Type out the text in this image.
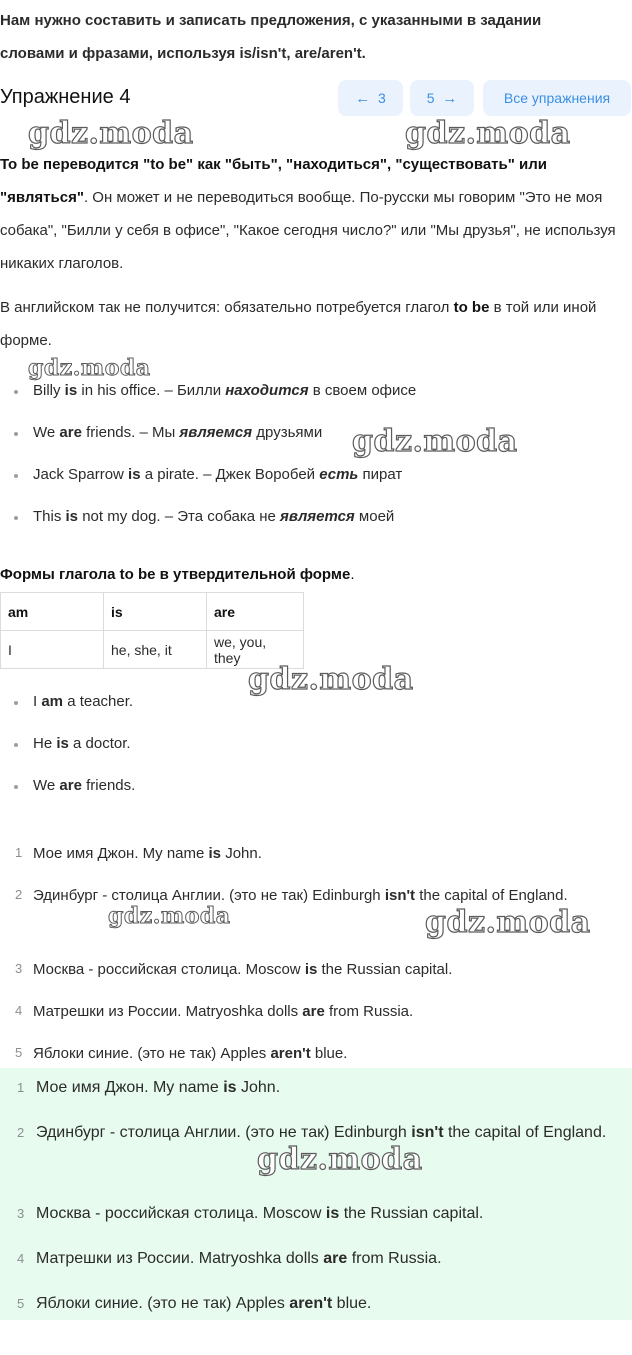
Нам нужно составить и записать предложения, с указанными в задании
словами и фразами, используя is/isn't, are/aren't.
Упражнение 4	← 3	5 →	Все упражнения
To be переводится "to be" как "быть", "находиться", "существовать" или "являться". Он может и не переводиться вообще. По-русски мы говорим "Это не моя собака", "Билли у себя в офисе", "Какое сегодня число?" или "Мы друзья", не используя никаких глаголов.
В английском так не получится: обязательно потребуется глагол to be в той или иной форме.
Billy is in his office. – Билли находится в своем офисе
We are friends. – Мы являемся друзьями
Jack Sparrow is a pirate. – Джек Воробей есть пират
This is not my dog. – Эта собака не является моей
Формы глагола to be в утвердительной форме.
am	is	are
I	he, she, it	we, you, they
I am a teacher.
He is a doctor.
We are friends.
1 Мое имя Джон. My name is John.
2 Эдинбург - столица Англии. (это не так) Edinburgh isn't the capital of England.
3 Москва - российская столица. Moscow is the Russian capital.
4 Матрешки из России. Matryoshka dolls are from Russia.
5 Яблоки синие. (это не так) Apples aren't blue.
1 Мое имя Джон. My name is John.
2 Эдинбург - столица Англии. (это не так) Edinburgh isn't the capital of England.
3 Москва - российская столица. Moscow is the Russian capital.
4 Матрешки из России. Matryoshka dolls are from Russia.
5 Яблоки синие. (это не так) Apples aren't blue.
gdz.moda	gdz.moda
gdz.moda
gdz.moda
gdz.moda
gdz.moda	gdz.moda
gdz.moda
